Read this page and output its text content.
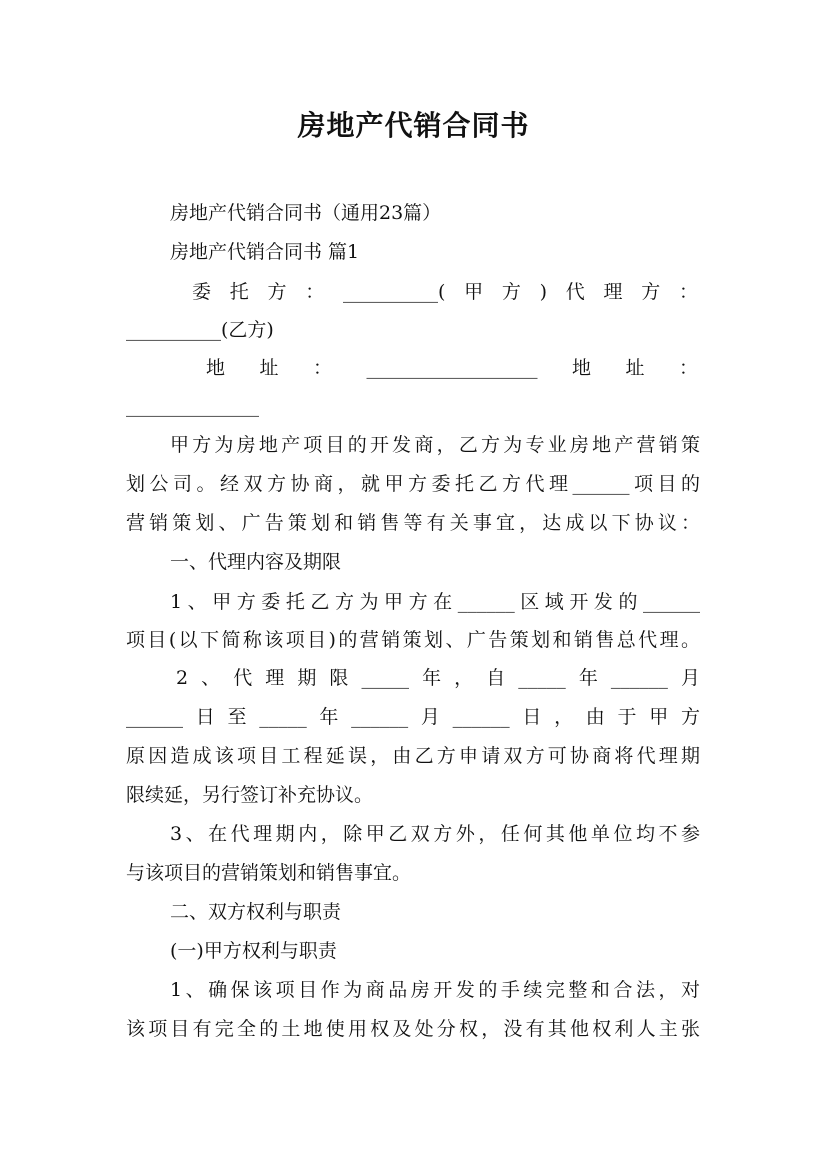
房地产代销合同书
房地产代销合同书（通用23篇）
房地产代销合同书 篇1
委托方：__________(甲方)代理方：
__________(乙方)
地址：__________________地址：
______________
甲方为房地产项目的开发商，乙方为专业房地产营销策
划公司。经双方协商，就甲方委托乙方代理______项目的
营销策划、广告策划和销售等有关事宜，达成以下协议：
一、代理内容及期限
1、甲方委托乙方为甲方在______区域开发的______
项目(以下简称该项目)的营销策划、广告策划和销售总代理。
2、代理期限_____年，自_____年______月
______日至_____年______月______日，由于甲方
原因造成该项目工程延误，由乙方申请双方可协商将代理期
限续延，另行签订补充协议。
3、在代理期内，除甲乙双方外，任何其他单位均不参
与该项目的营销策划和销售事宜。
二、双方权利与职责
(一)甲方权利与职责
1、确保该项目作为商品房开发的手续完整和合法，对
该项目有完全的土地使用权及处分权，没有其他权利人主张
